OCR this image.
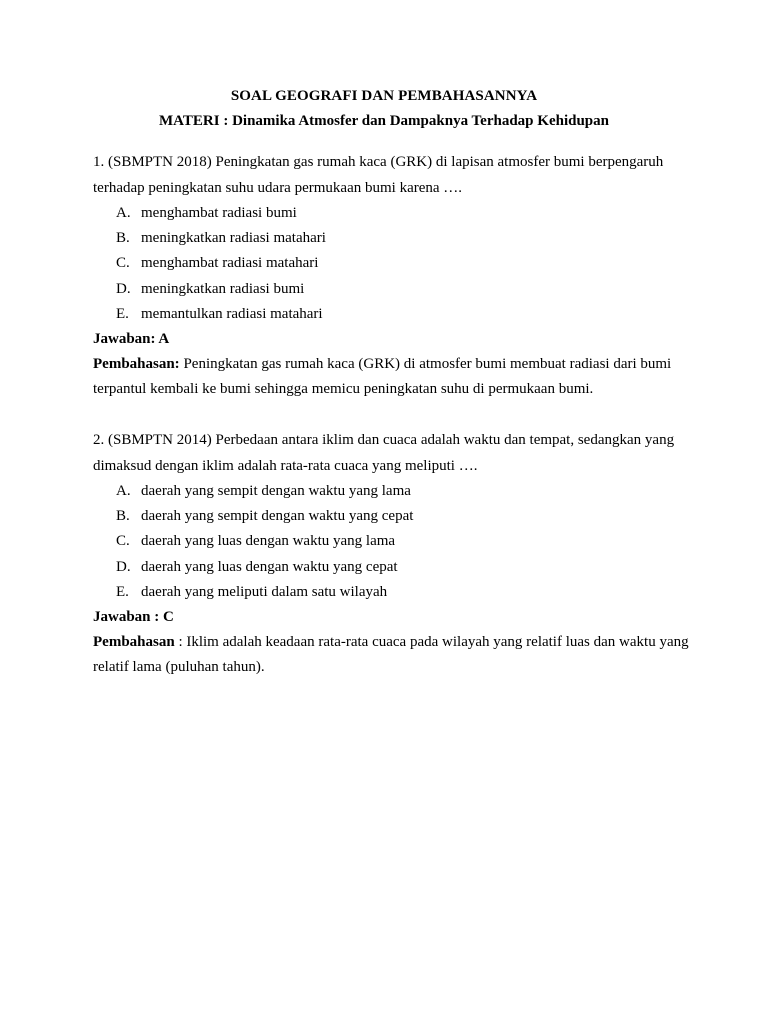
SOAL GEOGRAFI DAN PEMBAHASANNYA
MATERI : Dinamika Atmosfer dan Dampaknya Terhadap Kehidupan

1. (SBMPTN 2018) Peningkatan gas rumah kaca (GRK) di lapisan atmosfer bumi berpengaruh terhadap peningkatan suhu udara permukaan bumi karena ….

A. menghambat radiasi bumi
B. meningkatkan radiasi matahari
C. menghambat radiasi matahari
D. meningkatkan radiasi bumi
E. memantulkan radiasi matahari
Jawaban: A

Pembahasan: Peningkatan gas rumah kaca (GRK) di atmosfer bumi membuat radiasi dari bumi terpantul kembali ke bumi sehingga memicu peningkatan suhu di permukaan bumi.

2. (SBMPTN 2014) Perbedaan antara iklim dan cuaca adalah waktu dan tempat, sedangkan yang dimaksud dengan iklim adalah rata-rata cuaca yang meliputi ….

A. daerah yang sempit dengan waktu yang lama
B. daerah yang sempit dengan waktu yang cepat
C. daerah yang luas dengan waktu yang lama
D. daerah yang luas dengan waktu yang cepat
E. daerah yang meliputi dalam satu wilayah
Jawaban : C

Pembahasan : Iklim adalah keadaan rata-rata cuaca pada wilayah yang relatif luas dan waktu yang relatif lama (puluhan tahun).
